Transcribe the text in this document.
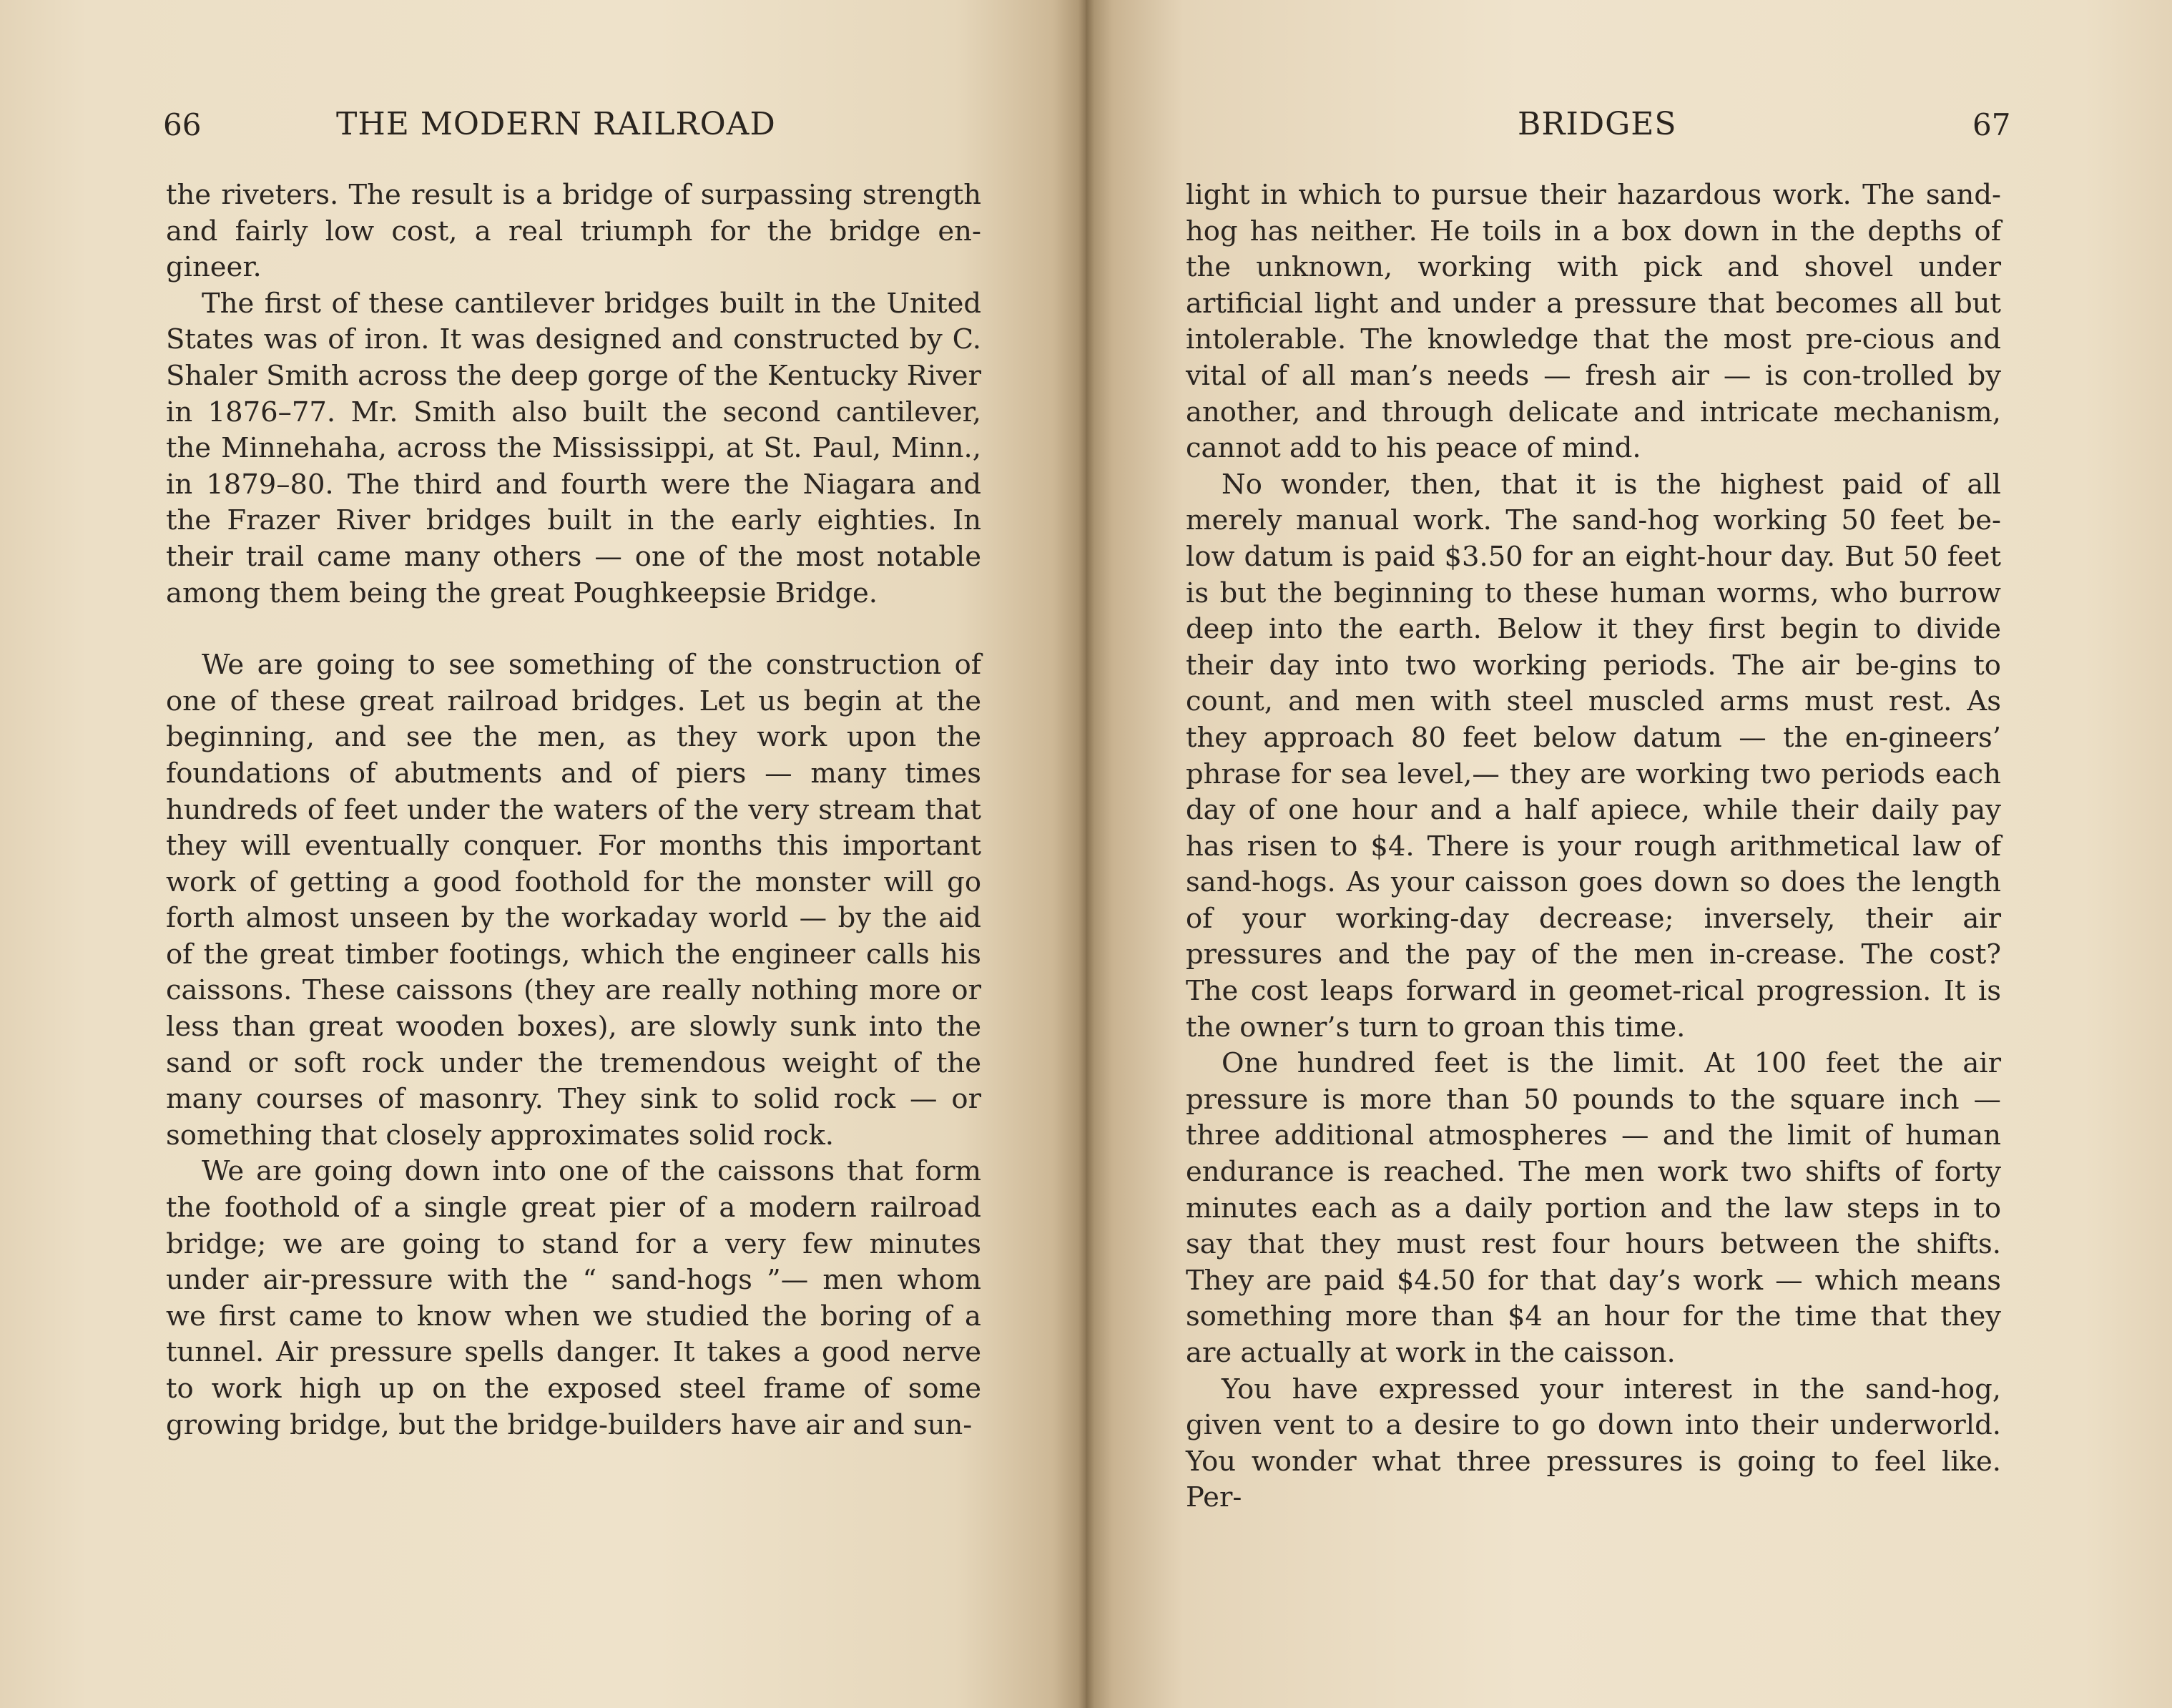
66	THE MODERN RAILROAD

the riveters. The result is a bridge of surpassing strength and fairly low cost, a real triumph for the bridge en-gineer.

The first of these cantilever bridges built in the United States was of iron. It was designed and constructed by C. Shaler Smith across the deep gorge of the Kentucky River in 1876–77. Mr. Smith also built the second cantilever, the Minnehaha, across the Mississippi, at St. Paul, Minn., in 1879–80. The third and fourth were the Niagara and the Frazer River bridges built in the early eighties. In their trail came many others — one of the most notable among them being the great Poughkeepsie Bridge.

We are going to see something of the construction of one of these great railroad bridges. Let us begin at the beginning, and see the men, as they work upon the foundations of abutments and of piers — many times hundreds of feet under the waters of the very stream that they will eventually conquer. For months this important work of getting a good foothold for the monster will go forth almost unseen by the workaday world — by the aid of the great timber footings, which the engineer calls his caissons. These caissons (they are really nothing more or less than great wooden boxes), are slowly sunk into the sand or soft rock under the tremendous weight of the many courses of masonry. They sink to solid rock — or something that closely approximates solid rock.

We are going down into one of the caissons that form the foothold of a single great pier of a modern railroad bridge; we are going to stand for a very few minutes under air-pressure with the “ sand-hogs ”— men whom we first came to know when we studied the boring of a tunnel. Air pressure spells danger. It takes a good nerve to work high up on the exposed steel frame of some growing bridge, but the bridge-builders have air and sun-

BRIDGES	67

light in which to pursue their hazardous work. The sand-hog has neither. He toils in a box down in the depths of the unknown, working with pick and shovel under artificial light and under a pressure that becomes all but intolerable. The knowledge that the most pre-cious and vital of all man’s needs — fresh air — is con-trolled by another, and through delicate and intricate mechanism, cannot add to his peace of mind.

No wonder, then, that it is the highest paid of all merely manual work. The sand-hog working 50 feet be-low datum is paid $3.50 for an eight-hour day. But 50 feet is but the beginning to these human worms, who burrow deep into the earth. Below it they first begin to divide their day into two working periods. The air be-gins to count, and men with steel muscled arms must rest. As they approach 80 feet below datum — the en-gineers’ phrase for sea level,— they are working two periods each day of one hour and a half apiece, while their daily pay has risen to $4. There is your rough arithmetical law of sand-hogs. As your caisson goes down so does the length of your working-day decrease; inversely, their air pressures and the pay of the men in-crease. The cost? The cost leaps forward in geomet-rical progression. It is the owner’s turn to groan this time.

One hundred feet is the limit. At 100 feet the air pressure is more than 50 pounds to the square inch — three additional atmospheres — and the limit of human endurance is reached. The men work two shifts of forty minutes each as a daily portion and the law steps in to say that they must rest four hours between the shifts. They are paid $4.50 for that day’s work — which means something more than $4 an hour for the time that they are actually at work in the caisson.

You have expressed your interest in the sand-hog, given vent to a desire to go down into their underworld. You wonder what three pressures is going to feel like. Per-
